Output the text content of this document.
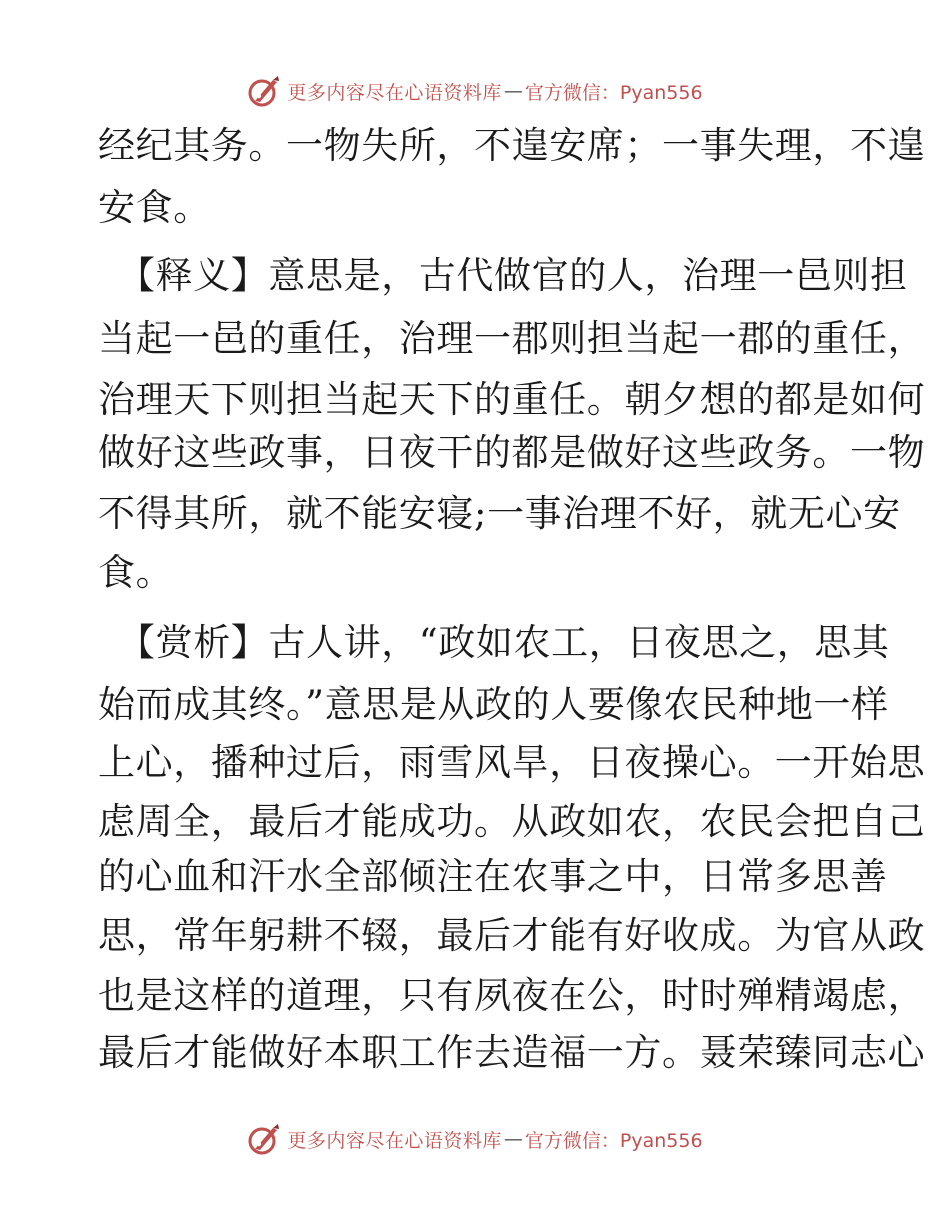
更多内容尽在心语资料库 — 官方微信：Pyan556
经纪其务。一物失所，不遑安席；一事失理，不遑
安食。
【释义】意思是，古代做官的人，治理一邑则担
当起一邑的重任，治理一郡则担当起一郡的重任，
治理天下则担当起天下的重任。朝夕想的都是如何
做好这些政事，日夜干的都是做好这些政务。一物
不得其所，就不能安寝;一事治理不好，就无心安
食。
【赏析】古人讲，“政如农工，日夜思之，思其
始而成其终。”意思是从政的人要像农民种地一样
上心，播种过后，雨雪风旱，日夜操心。一开始思
虑周全，最后才能成功。从政如农，农民会把自己
的心血和汗水全部倾注在农事之中，日常多思善
思，常年躬耕不辍，最后才能有好收成。为官从政
也是这样的道理，只有夙夜在公，时时殚精竭虑，
最后才能做好本职工作去造福一方。聂荣臻同志心
更多内容尽在心语资料库 — 官方微信：Pyan556
